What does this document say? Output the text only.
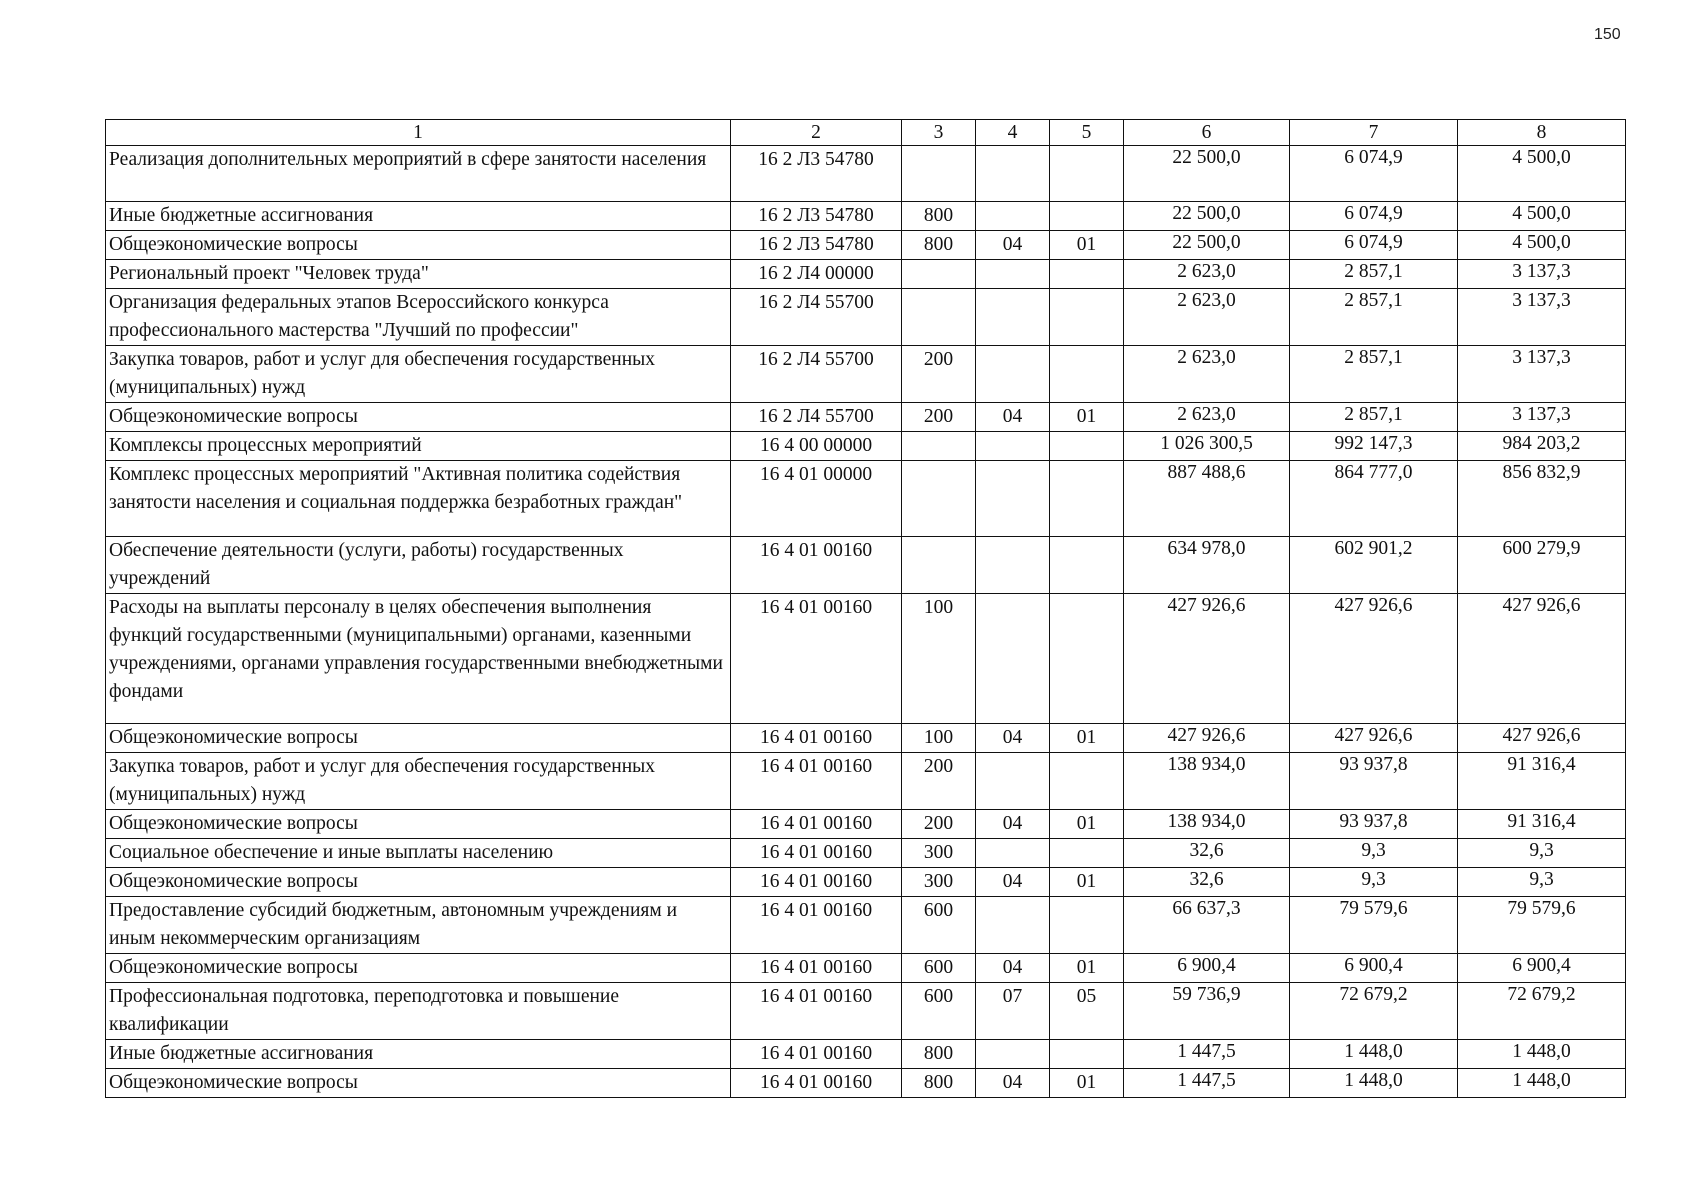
150
1	2	3	4	5	6	7	8
Реализация дополнительных мероприятий в сфере занятости населения	16 2 Л3 54780				22 500,0	6 074,9	4 500,0
Иные бюджетные ассигнования	16 2 Л3 54780	800			22 500,0	6 074,9	4 500,0
Общеэкономические вопросы	16 2 Л3 54780	800	04	01	22 500,0	6 074,9	4 500,0
Региональный проект "Человек труда"	16 2 Л4 00000				2 623,0	2 857,1	3 137,3
Организация федеральных этапов Всероссийского конкурса профессионального мастерства "Лучший по профессии"	16 2 Л4 55700				2 623,0	2 857,1	3 137,3
Закупка товаров, работ и услуг для обеспечения государственных (муниципальных) нужд	16 2 Л4 55700	200			2 623,0	2 857,1	3 137,3
Общеэкономические вопросы	16 2 Л4 55700	200	04	01	2 623,0	2 857,1	3 137,3
Комплексы процессных мероприятий	16 4 00 00000				1 026 300,5	992 147,3	984 203,2
Комплекс процессных мероприятий "Активная политика содействия занятости населения и социальная поддержка безработных граждан"	16 4 01 00000				887 488,6	864 777,0	856 832,9
Обеспечение деятельности (услуги, работы) государственных учреждений	16 4 01 00160				634 978,0	602 901,2	600 279,9
Расходы на выплаты персоналу в целях обеспечения выполнения функций государственными (муниципальными) органами, казенными учреждениями, органами управления государственными внебюджетными фондами	16 4 01 00160	100			427 926,6	427 926,6	427 926,6
Общеэкономические вопросы	16 4 01 00160	100	04	01	427 926,6	427 926,6	427 926,6
Закупка товаров, работ и услуг для обеспечения государственных (муниципальных) нужд	16 4 01 00160	200			138 934,0	93 937,8	91 316,4
Общеэкономические вопросы	16 4 01 00160	200	04	01	138 934,0	93 937,8	91 316,4
Социальное обеспечение и иные выплаты населению	16 4 01 00160	300			32,6	9,3	9,3
Общеэкономические вопросы	16 4 01 00160	300	04	01	32,6	9,3	9,3
Предоставление субсидий бюджетным, автономным учреждениям и иным некоммерческим организациям	16 4 01 00160	600			66 637,3	79 579,6	79 579,6
Общеэкономические вопросы	16 4 01 00160	600	04	01	6 900,4	6 900,4	6 900,4
Профессиональная подготовка, переподготовка и повышение квалификации	16 4 01 00160	600	07	05	59 736,9	72 679,2	72 679,2
Иные бюджетные ассигнования	16 4 01 00160	800			1 447,5	1 448,0	1 448,0
Общеэкономические вопросы	16 4 01 00160	800	04	01	1 447,5	1 448,0	1 448,0
